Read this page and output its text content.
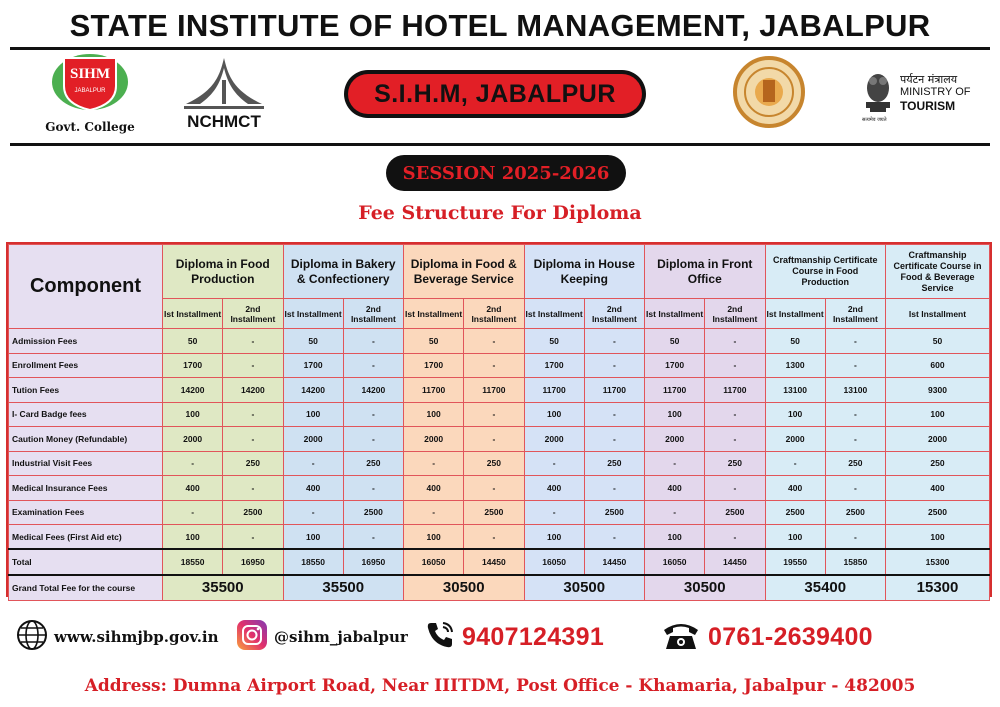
STATE INSTITUTE OF HOTEL MANAGEMENT, JABALPUR
SIHM
JABALPUR
Govt. College	NCHMCT
S.I.H.M, JABALPUR	पर्यटन मंत्रालय
MINISTRY OF
TOURISM
सत्यमेव जयते
SESSION 2025-2026
Fee Structure For Diploma
Component	Diploma in Food Production		Diploma in Bakery & Confectionery		Diploma in Food & Beverage Service		Diploma in House Keeping		Diploma in Front Office		Craftmanship Certificate Course in Food Production		Craftmanship Certificate Course in Food & Beverage Service
	Ist Installment	2nd Installment	Ist Installment	2nd Installment	Ist Installment	2nd Installment	Ist Installment	2nd Installment	Ist Installment	2nd Installment	Ist Installment	2nd Installment	Ist Installment
Admission Fees	50	-	50	-	50	-	50	-	50	-	50	-	50
Enrollment Fees	1700	-	1700	-	1700	-	1700	-	1700	-	1300	-	600
Tution Fees	14200	14200	14200	14200	11700	11700	11700	11700	11700	11700	13100	13100	9300
I- Card Badge fees	100	-	100	-	100	-	100	-	100	-	100	-	100
Caution Money (Refundable)	2000	-	2000	-	2000	-	2000	-	2000	-	2000	-	2000
Industrial Visit Fees	-	250	-	250	-	250	-	250	-	250	-	250	250
Medical Insurance Fees	400	-	400	-	400	-	400	-	400	-	400	-	400
Examination Fees	-	2500	-	2500	-	2500	-	2500	-	2500	2500	2500	2500
Medical Fees (First Aid etc)	100	-	100	-	100	-	100	-	100	-	100	-	100
Total	18550	16950	18550	16950	16050	14450	16050	14450	16050	14450	19550	15850	15300
Grand Total Fee for the course	35500		35500		30500		30500		30500		35400		15300
www.sihmjbp.gov.in	@sihm_jabalpur 9407124391	0761-2639400
Address: Dumna Airport Road, Near IIITDM, Post Office - Khamaria, Jabalpur - 482005
